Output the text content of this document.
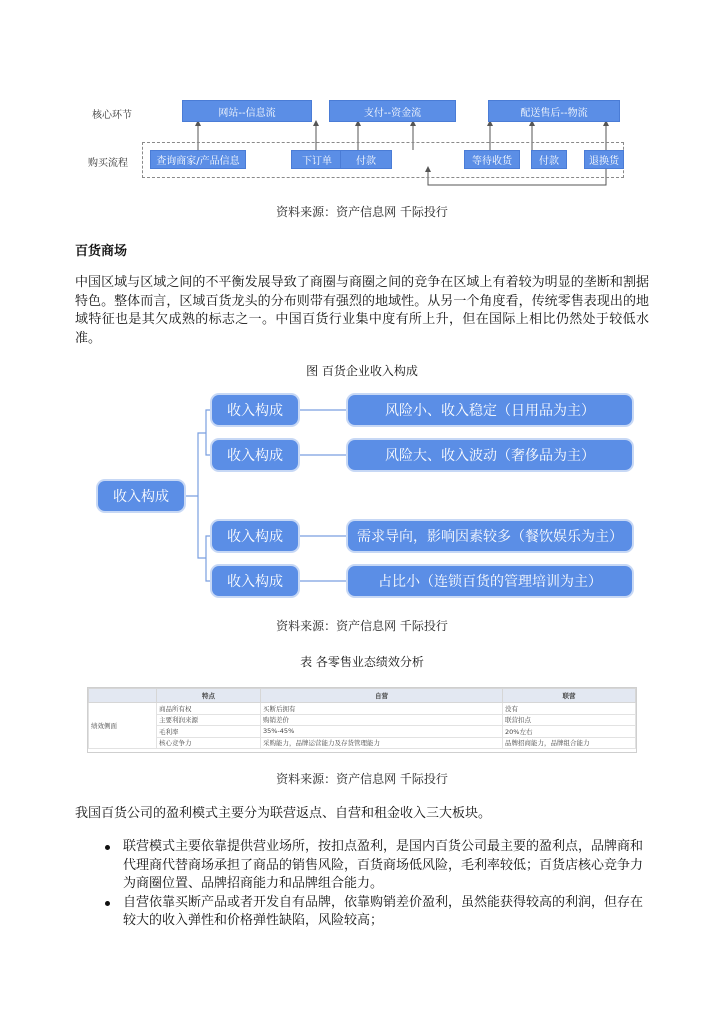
核心环节
购买流程
网站--信息流	支付--资金流	配送售后--物流
查询商家/产品信息	下订单	付款	等待收货	付款	退换货
资料来源：资产信息网 千际投行
百货商场
中国区域与区域之间的不平衡发展导致了商圈与商圈之间的竞争在区域上有着较为明显的垄断和割据特色。整体而言，区域百货龙头的分布则带有强烈的地域性。从另一个角度看，传统零售表现出的地域特征也是其欠成熟的标志之一。中国百货行业集中度有所上升，但在国际上相比仍然处于较低水准。
图 百货企业收入构成
收入构成
收入构成
收入构成
收入构成
收入构成
风险小、收入稳定（日用品为主）
风险大、收入波动（奢侈品为主）
需求导向，影响因素较多（餐饮娱乐为主）
占比小（连锁百货的管理培训为主）
资料来源：资产信息网 千际投行
表 各零售业态绩效分析
	特点	自营	联营
绩效侧面	商品所有权	买断后拥有	没有
	主要利润来源	购销差价	联营扣点
	毛利率	35%-45%	20%左右
	核心竞争力	采购能力，品牌运营能力及存货管理能力	品牌招商能力，品牌组合能力
资料来源：资产信息网 千际投行
我国百货公司的盈利模式主要分为联营返点、自营和租金收入三大板块。
联营模式主要依靠提供营业场所，按扣点盈利，是国内百货公司最主要的盈利点，品牌商和代理商代替商场承担了商品的销售风险，百货商场低风险，毛利率较低；百货店核心竞争力为商圈位置、品牌招商能力和品牌组合能力。
自营依靠买断产品或者开发自有品牌，依靠购销差价盈利，虽然能获得较高的利润，但存在较大的收入弹性和价格弹性缺陷，风险较高；
